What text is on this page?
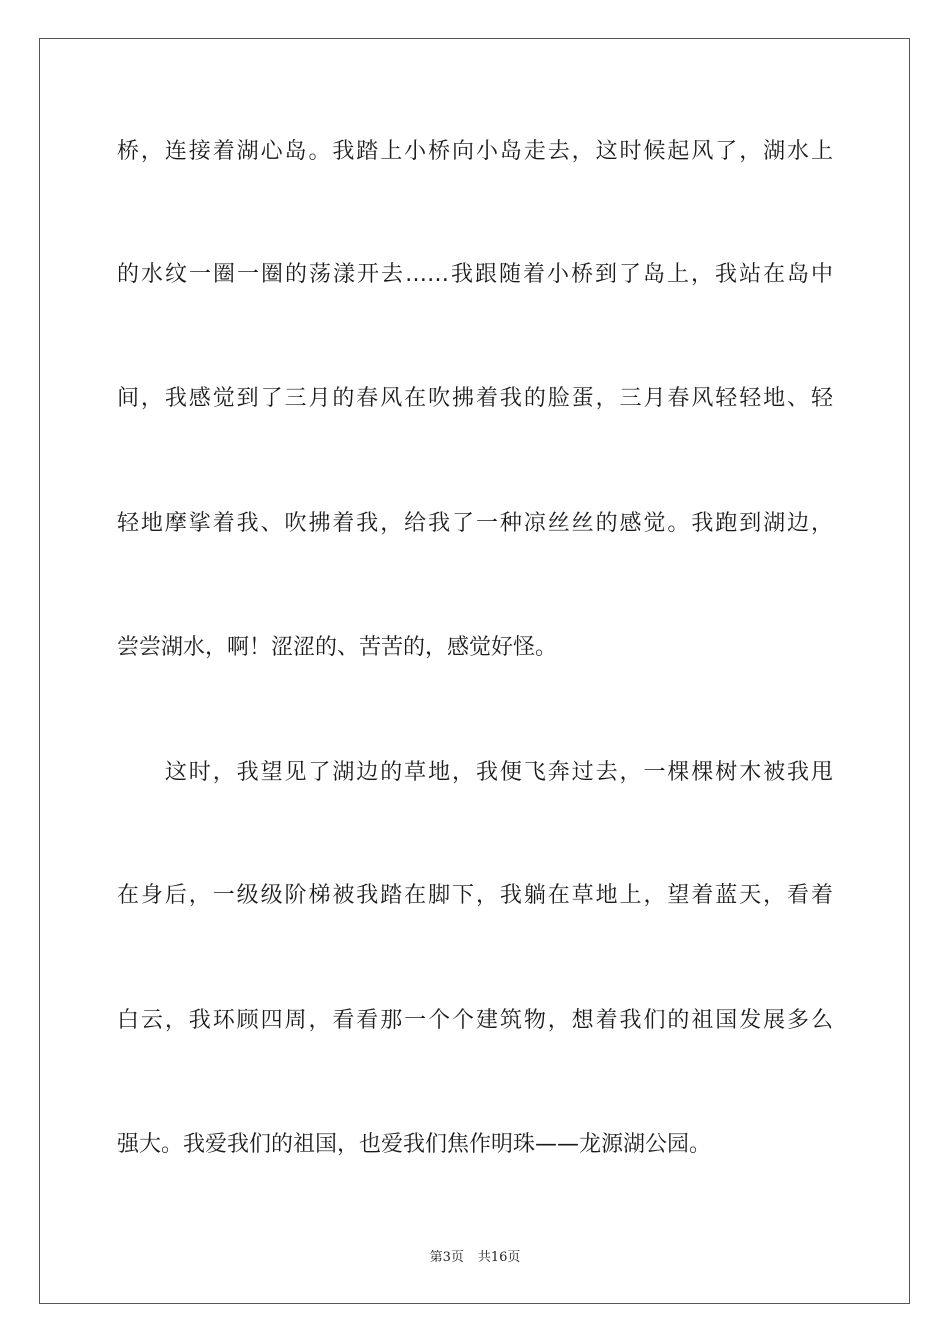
桥，连接着湖心岛。我踏上小桥向小岛走去，这时候起风了，湖水上
的水纹一圈一圈的荡漾开去……我跟随着小桥到了岛上，我站在岛中
间，我感觉到了三月的春风在吹拂着我的脸蛋，三月春风轻轻地、轻
轻地摩挲着我、吹拂着我，给我了一种凉丝丝的感觉。我跑到湖边，
尝尝湖水，啊！涩涩的、苦苦的，感觉好怪。
　　这时，我望见了湖边的草地，我便飞奔过去，一棵棵树木被我甩
在身后，一级级阶梯被我踏在脚下，我躺在草地上，望着蓝天，看着
白云，我环顾四周，看看那一个个建筑物，想着我们的祖国发展多么
强大。我爱我们的祖国，也爱我们焦作明珠——龙源湖公园。
第3页 共16页
